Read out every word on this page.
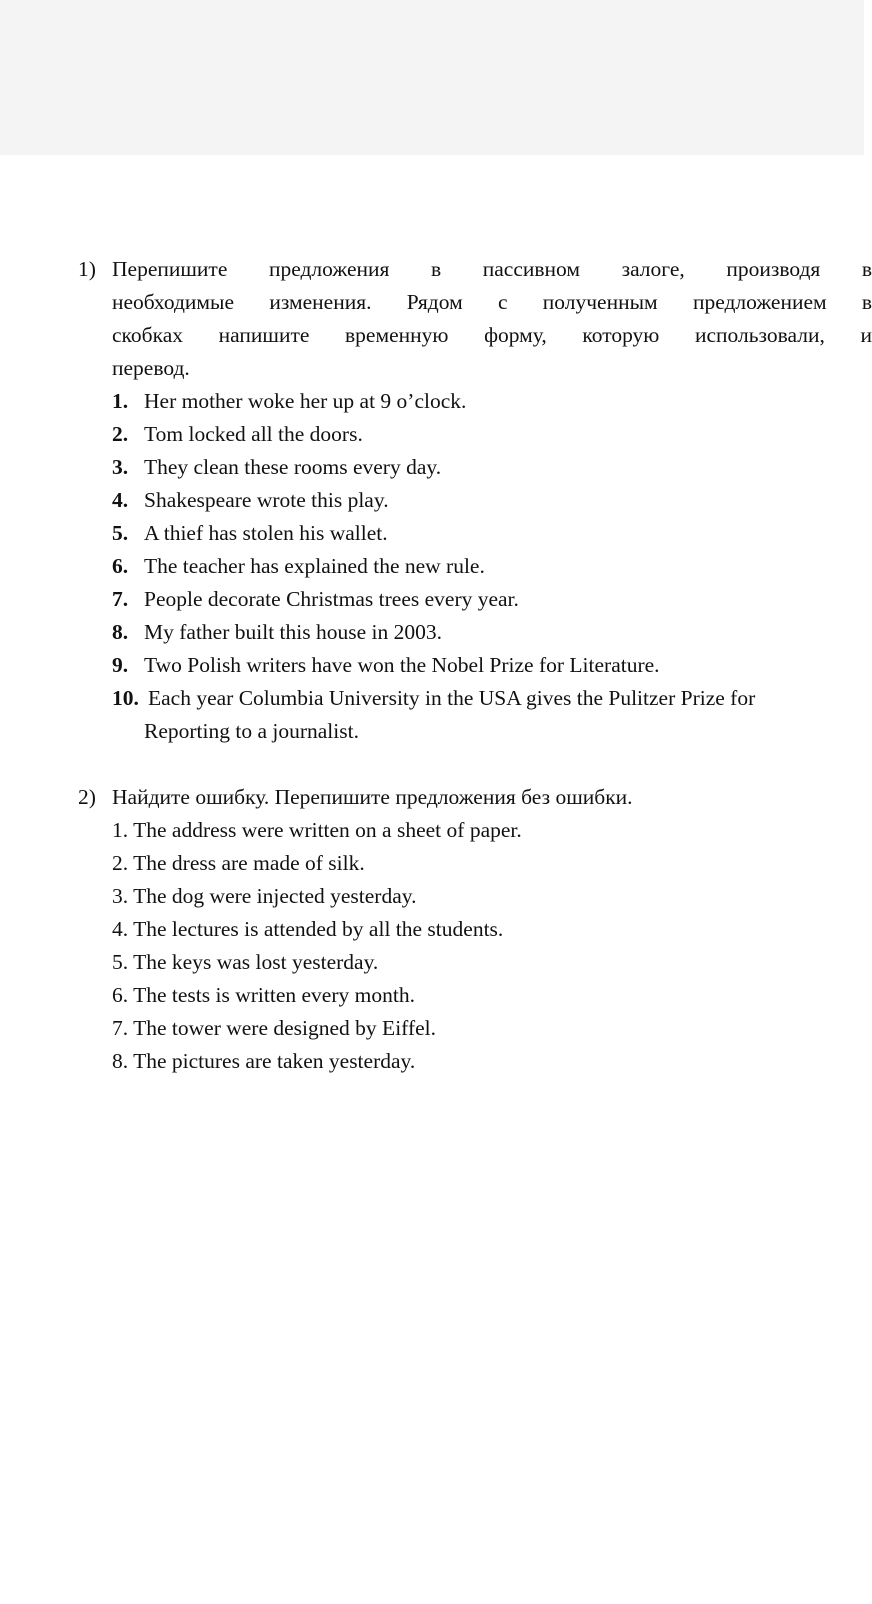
1) Перепишите предложения в пассивном залоге, производя в
необходимые изменения. Рядом с полученным предложением в
скобках напишите временную форму, которую использовали, и
перевод.
1. Her mother woke her up at 9 o’clock.
2. Tom locked all the doors.
3. They clean these rooms every day.
4. Shakespeare wrote this play.
5. A thief has stolen his wallet.
6. The teacher has explained the new rule.
7. People decorate Christmas trees every year.
8. My father built this house in 2003.
9. Two Polish writers have won the Nobel Prize for Literature.
10. Each year Columbia University in the USA gives the Pulitzer Prize for
Reporting to a journalist.
2) Найдите ошибку. Перепишите предложения без ошибки.
1. The address were written on a sheet of paper.
2. The dress are made of silk.
3. The dog were injected yesterday.
4. The lectures is attended by all the students.
5. The keys was lost yesterday.
6. The tests is written every month.
7. The tower were designed by Eiffel.
8. The pictures are taken yesterday.
